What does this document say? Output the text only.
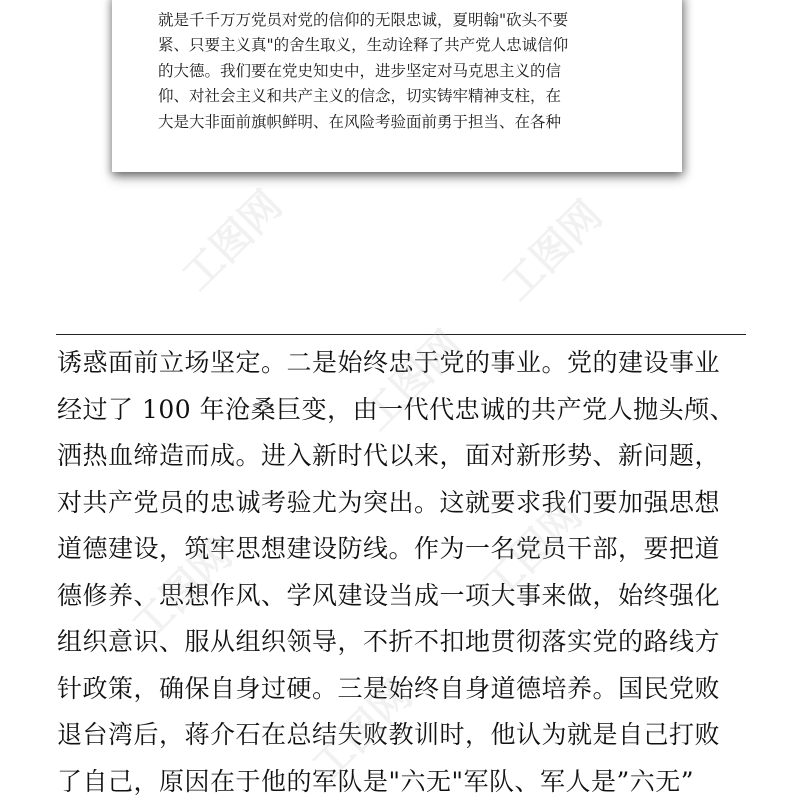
就是千千万万党员对党的信仰的无限忠诚，夏明翰"砍头不要
紧、只要主义真"的舍生取义，生动诠释了共产党人忠诚信仰
的大德。我们要在党史知史中，进步坚定对马克思主义的信
仰、对社会主义和共产主义的信念，切实铸牢精神支柱，在
大是大非面前旗帜鲜明、在风险考验面前勇于担当、在各种
诱惑面前立场坚定。二是始终忠于党的事业。党的建设事业
经过了 100 年沧桑巨变，由一代代忠诚的共产党人抛头颅、
洒热血缔造而成。进入新时代以来，面对新形势、新问题，
对共产党员的忠诚考验尤为突出。这就要求我们要加强思想
道德建设，筑牢思想建设防线。作为一名党员干部，要把道
德修养、思想作风、学风建设当成一项大事来做，始终强化
组织意识、服从组织领导，不折不扣地贯彻落实党的路线方
针政策，确保自身过硬。三是始终自身道德培养。国民党败
退台湾后，蒋介石在总结失败教训时，他认为就是自己打败
了自己，原因在于他的军队是"六无"军队、军人是”六无”
工图网	工图网
工图网
工图网	工图网
工图网
